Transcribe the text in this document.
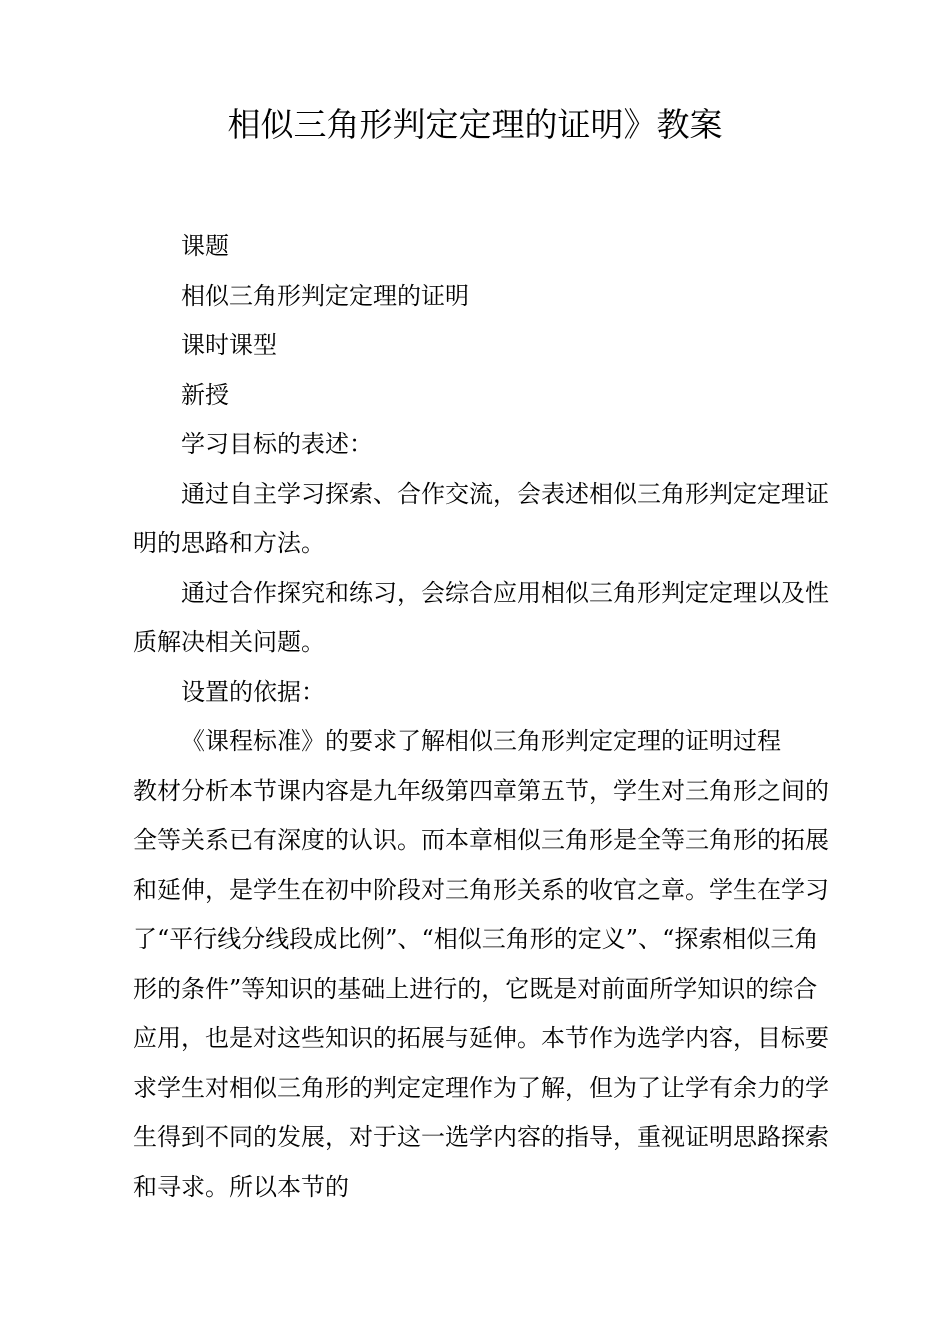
相似三角形判定定理的证明》教案

课题

相似三角形判定定理的证明

课时课型

新授

学习目标的表述：

通过自主学习探索、合作交流，会表述相似三角形判定定理证明的思路和方法。

通过合作探究和练习，会综合应用相似三角形判定定理以及性质解决相关问题。

设置的依据：

《课程标准》的要求了解相似三角形判定定理的证明过程

教材分析本节课内容是九年级第四章第五节，学生对三角形之间的全等关系已有深度的认识。而本章相似三角形是全等三角形的拓展和延伸，是学生在初中阶段对三角形关系的收官之章。学生在学习了“平行线分线段成比例”、“相似三角形的定义”、“探索相似三角形的条件”等知识的基础上进行的，它既是对前面所学知识的综合应用，也是对这些知识的拓展与延伸。本节作为选学内容，目标要求学生对相似三角形的判定定理作为了解，但为了让学有余力的学生得到不同的发展，对于这一选学内容的指导，重视证明思路探索和寻求。所以本节的
